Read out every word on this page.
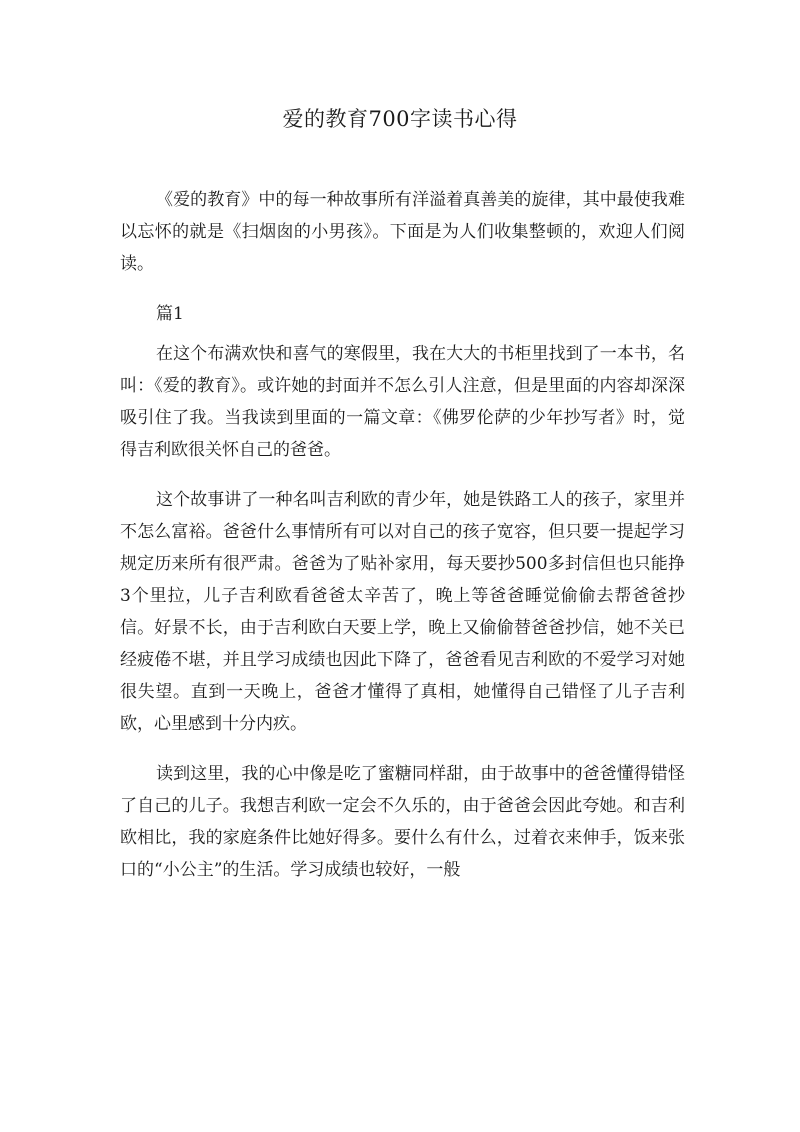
爱的教育700字读书心得

《爱的教育》中的每一种故事所有洋溢着真善美的旋律，其中最使我难以忘怀的就是《扫烟囱的小男孩》。下面是为人们收集整顿的，欢迎人们阅读。

篇1

在这个布满欢快和喜气的寒假里，我在大大的书柜里找到了一本书，名叫：《爱的教育》。或许她的封面并不怎么引人注意，但是里面的内容却深深吸引住了我。当我读到里面的一篇文章：《佛罗伦萨的少年抄写者》时，觉得吉利欧很关怀自己的爸爸。

这个故事讲了一种名叫吉利欧的青少年，她是铁路工人的孩子，家里并不怎么富裕。爸爸什么事情所有可以对自己的孩子宽容，但只要一提起学习规定历来所有很严肃。爸爸为了贴补家用，每天要抄500多封信但也只能挣3个里拉，儿子吉利欧看爸爸太辛苦了，晚上等爸爸睡觉偷偷去帮爸爸抄信。好景不长，由于吉利欧白天要上学，晚上又偷偷替爸爸抄信，她不关已经疲倦不堪，并且学习成绩也因此下降了，爸爸看见吉利欧的不爱学习对她很失望。直到一天晚上，爸爸才懂得了真相，她懂得自己错怪了儿子吉利欧，心里感到十分内疚。

读到这里，我的心中像是吃了蜜糖同样甜，由于故事中的爸爸懂得错怪了自己的儿子。我想吉利欧一定会不久乐的，由于爸爸会因此夸她。和吉利欧相比，我的家庭条件比她好得多。要什么有什么，过着衣来伸手，饭来张口的“小公主”的生活。学习成绩也较好，一般
